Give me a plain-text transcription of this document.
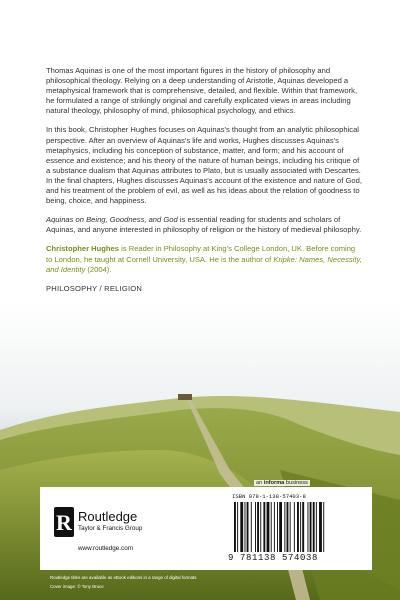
Thomas Aquinas is one of the most important figures in the history of philosophy and philosophical theology. Relying on a deep understanding of Aristotle, Aquinas developed a metaphysical framework that is comprehensive, detailed, and flexible. Within that framework, he formulated a range of strikingly original and carefully explicated views in areas including natural theology, philosophy of mind, philosophical psychology, and ethics.

In this book, Christopher Hughes focuses on Aquinas's thought from an analytic philosophical perspective. After an overview of Aquinas's life and works, Hughes discusses Aquinas's metaphysics, including his conception of substance, matter, and form; and his account of essence and existence; and his theory of the nature of human beings, including his critique of a substance dualism that Aquinas attributes to Plato, but is usually associated with Descartes. In the final chapters, Hughes discusses Aquinas's account of the existence and nature of God, and his treatment of the problem of evil, as well as his ideas about the relation of goodness to being, choice, and happiness.

Aquinas on Being, Goodness, and God is essential reading for students and scholars of Aquinas, and anyone interested in philosophy of religion or the history of medieval philosophy.

Christopher Hughes is Reader in Philosophy at King's College London, UK. Before coming to London, he taught at Cornell University, USA. He is the author of Kripke: Names, Necessity, and Identity (2004).

PHILOSOPHY / RELIGION

an informa business
R Routledge
Taylor & Francis Group
www.routledge.com
ISBN 978-1-138-57403-8
9 781138 574038
Routledge titles are available as eBook editions in a range of digital formats
Cover image: © Tony Bruce
